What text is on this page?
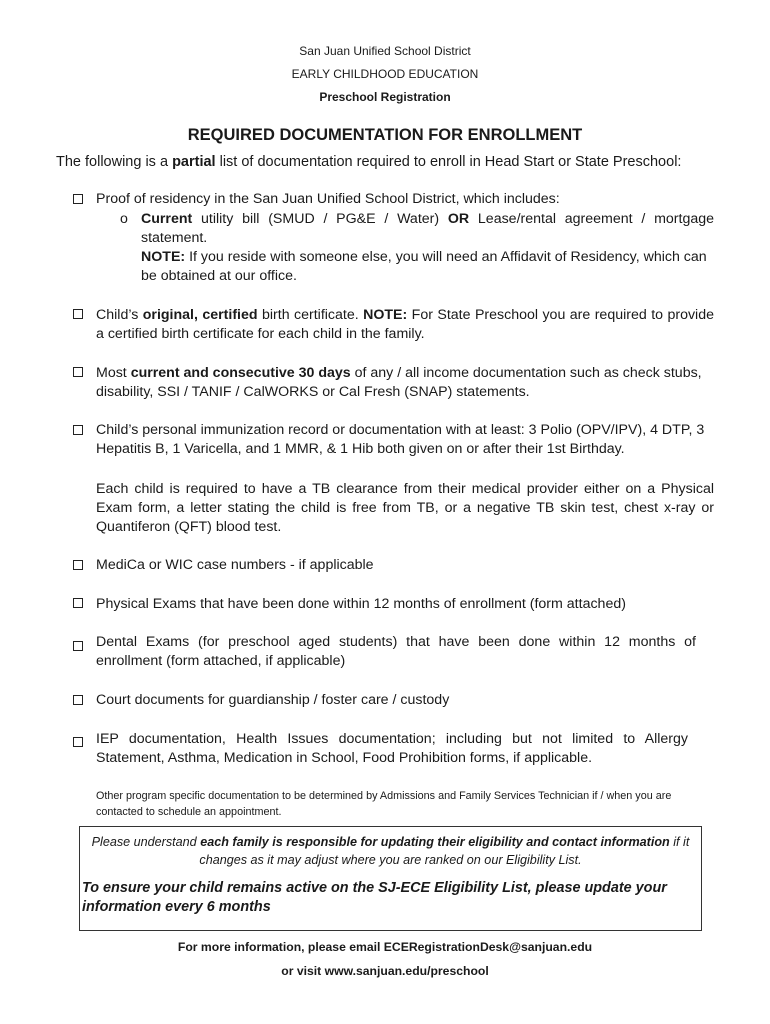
San Juan Unified School District
EARLY CHILDHOOD EDUCATION
Preschool Registration
REQUIRED DOCUMENTATION FOR ENROLLMENT
The following is a partial list of documentation required to enroll in Head Start or State Preschool:
Proof of residency in the San Juan Unified School District, which includes:
o Current utility bill (SMUD / PG&E / Water) OR Lease/rental agreement / mortgage statement.
NOTE: If you reside with someone else, you will need an Affidavit of Residency, which can be obtained at our office.
Child’s original, certified birth certificate. NOTE: For State Preschool you are required to provide a certified birth certificate for each child in the family.
Most current and consecutive 30 days of any / all income documentation such as check stubs, disability, SSI / TANIF / CalWORKS or Cal Fresh (SNAP) statements.
Child’s personal immunization record or documentation with at least: 3 Polio (OPV/IPV), 4 DTP, 3 Hepatitis B, 1 Varicella, and 1 MMR, & 1 Hib both given on or after their 1st Birthday.
Each child is required to have a TB clearance from their medical provider either on a Physical Exam form, a letter stating the child is free from TB, or a negative TB skin test, chest x-ray or Quantiferon (QFT) blood test.
MediCa or WIC case numbers - if applicable
Physical Exams that have been done within 12 months of enrollment (form attached)
Dental Exams (for preschool aged students) that have been done within 12 months of enrollment (form attached, if applicable)
Court documents for guardianship / foster care / custody
IEP documentation, Health Issues documentation; including but not limited to Allergy Statement, Asthma, Medication in School, Food Prohibition forms, if applicable.
Other program specific documentation to be determined by Admissions and Family Services Technician if / when you are contacted to schedule an appointment.
Please understand each family is responsible for updating their eligibility and contact information if it changes as it may adjust where you are ranked on our Eligibility List.
To ensure your child remains active on the SJ-ECE Eligibility List, please update your information every 6 months
For more information, please email ECERegistrationDesk@sanjuan.edu
or visit www.sanjuan.edu/preschool
